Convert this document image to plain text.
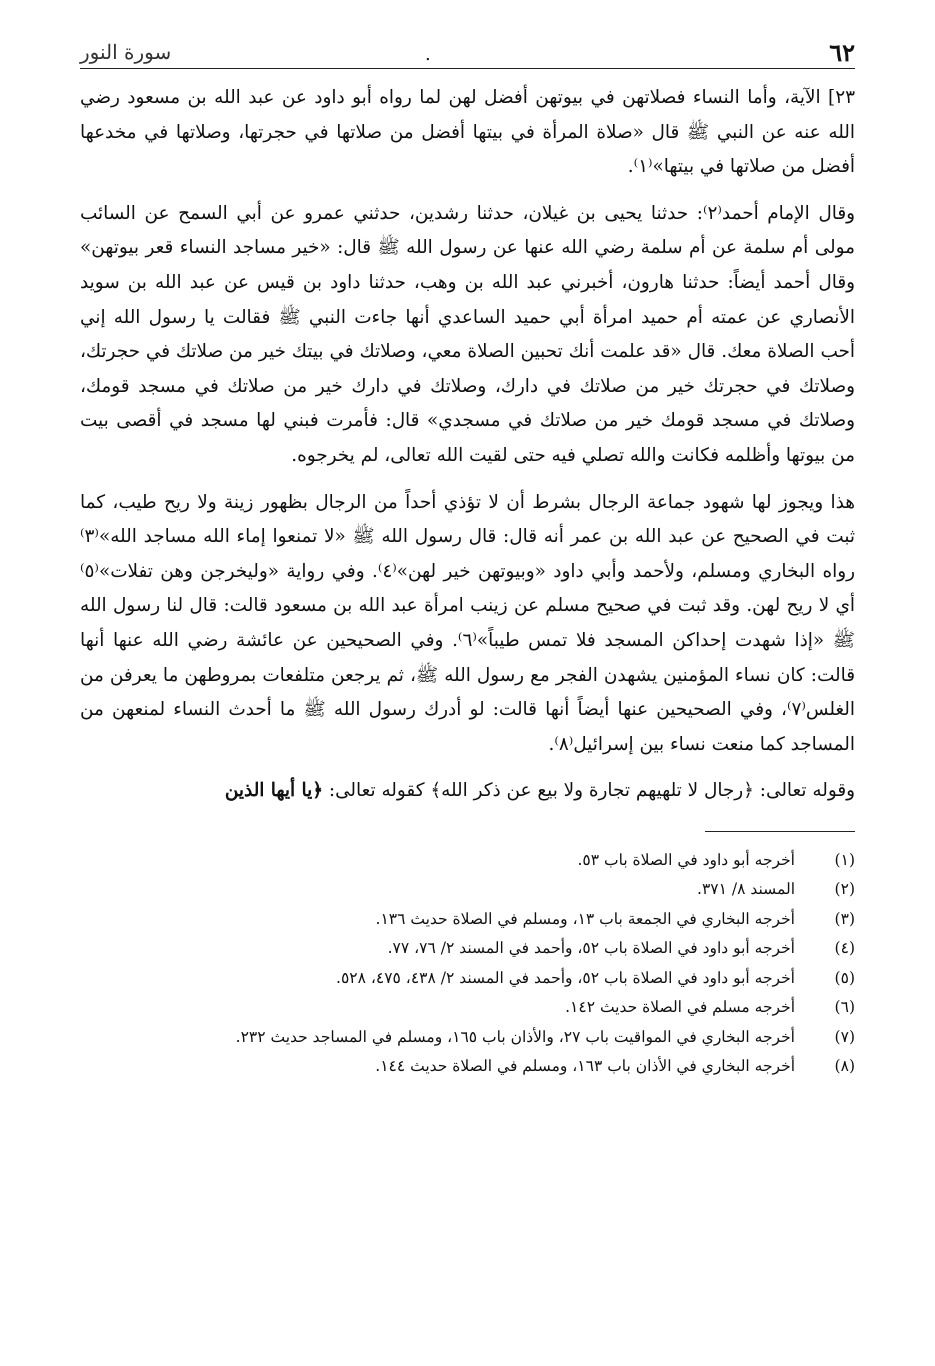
٦٢
.
سورة النور

٢٣] الآية، وأما النساء فصلاتهن في بيوتهن أفضل لهن لما رواه أبو داود عن عبد الله بن مسعود رضي الله عنه عن النبي ﷺ قال «صلاة المرأة في بيتها أفضل من صلاتها في حجرتها، وصلاتها في مخدعها أفضل من صلاتها في بيتها»⁽١⁾.

وقال الإمام أحمد⁽٢⁾: حدثنا يحيى بن غيلان، حدثنا رشدين، حدثني عمرو عن أبي السمح عن السائب مولى أم سلمة عن أم سلمة رضي الله عنها عن رسول الله ﷺ قال: «خير مساجد النساء قعر بيوتهن» وقال أحمد أيضاً: حدثنا هارون، أخبرني عبد الله بن وهب، حدثنا داود بن قيس عن عبد الله بن سويد الأنصاري عن عمته أم حميد امرأة أبي حميد الساعدي أنها جاءت النبي ﷺ فقالت يا رسول الله إني أحب الصلاة معك. قال «قد علمت أنك تحبين الصلاة معي، وصلاتك في بيتك خير من صلاتك في حجرتك، وصلاتك في حجرتك خير من صلاتك في دارك، وصلاتك في دارك خير من صلاتك في مسجد قومك، وصلاتك في مسجد قومك خير من صلاتك في مسجدي» قال: فأمرت فبني لها مسجد في أقصى بيت من بيوتها وأظلمه فكانت والله تصلي فيه حتى لقيت الله تعالى، لم يخرجوه.

هذا ويجوز لها شهود جماعة الرجال بشرط أن لا تؤذي أحداً من الرجال بظهور زينة ولا ريح طيب، كما ثبت في الصحيح عن عبد الله بن عمر أنه قال: قال رسول الله ﷺ «لا تمنعوا إماء الله مساجد الله»⁽٣⁾ رواه البخاري ومسلم، ولأحمد وأبي داود «وبيوتهن خير لهن»⁽٤⁾. وفي رواية «وليخرجن وهن تفلات»⁽٥⁾ أي لا ريح لهن. وقد ثبت في صحيح مسلم عن زينب امرأة عبد الله بن مسعود قالت: قال لنا رسول الله ﷺ «إذا شهدت إحداكن المسجد فلا تمس طيباً»⁽٦⁾. وفي الصحيحين عن عائشة رضي الله عنها أنها قالت: كان نساء المؤمنين يشهدن الفجر مع رسول الله ﷺ، ثم يرجعن متلفعات بمروطهن ما يعرفن من الغلس⁽٧⁾، وفي الصحيحين عنها أيضاً أنها قالت: لو أدرك رسول الله ﷺ ما أحدث النساء لمنعهن من المساجد كما منعت نساء بين إسرائيل⁽٨⁾.

وقوله تعالى: ﴿رجال لا تلهيهم تجارة ولا بيع عن ذكر الله﴾ كقوله تعالى: ﴿يا أيها الذين

(١)
أخرجه أبو داود في الصلاة باب ٥٣.
(٢)
المسند ٨/ ٣٧١.
(٣)
أخرجه البخاري في الجمعة باب ١٣، ومسلم في الصلاة حديث ١٣٦.
(٤)
أخرجه أبو داود في الصلاة باب ٥٢، وأحمد في المسند ٢/ ٧٦، ٧٧.
(٥)
أخرجه أبو داود في الصلاة باب ٥٢، وأحمد في المسند ٢/ ٤٣٨، ٤٧٥، ٥٢٨.
(٦)
أخرجه مسلم في الصلاة حديث ١٤٢.
(٧)
أخرجه البخاري في المواقيت باب ٢٧، والأذان باب ١٦٥، ومسلم في المساجد حديث ٢٣٢.
(٨)
أخرجه البخاري في الأذان باب ١٦٣، ومسلم في الصلاة حديث ١٤٤.
